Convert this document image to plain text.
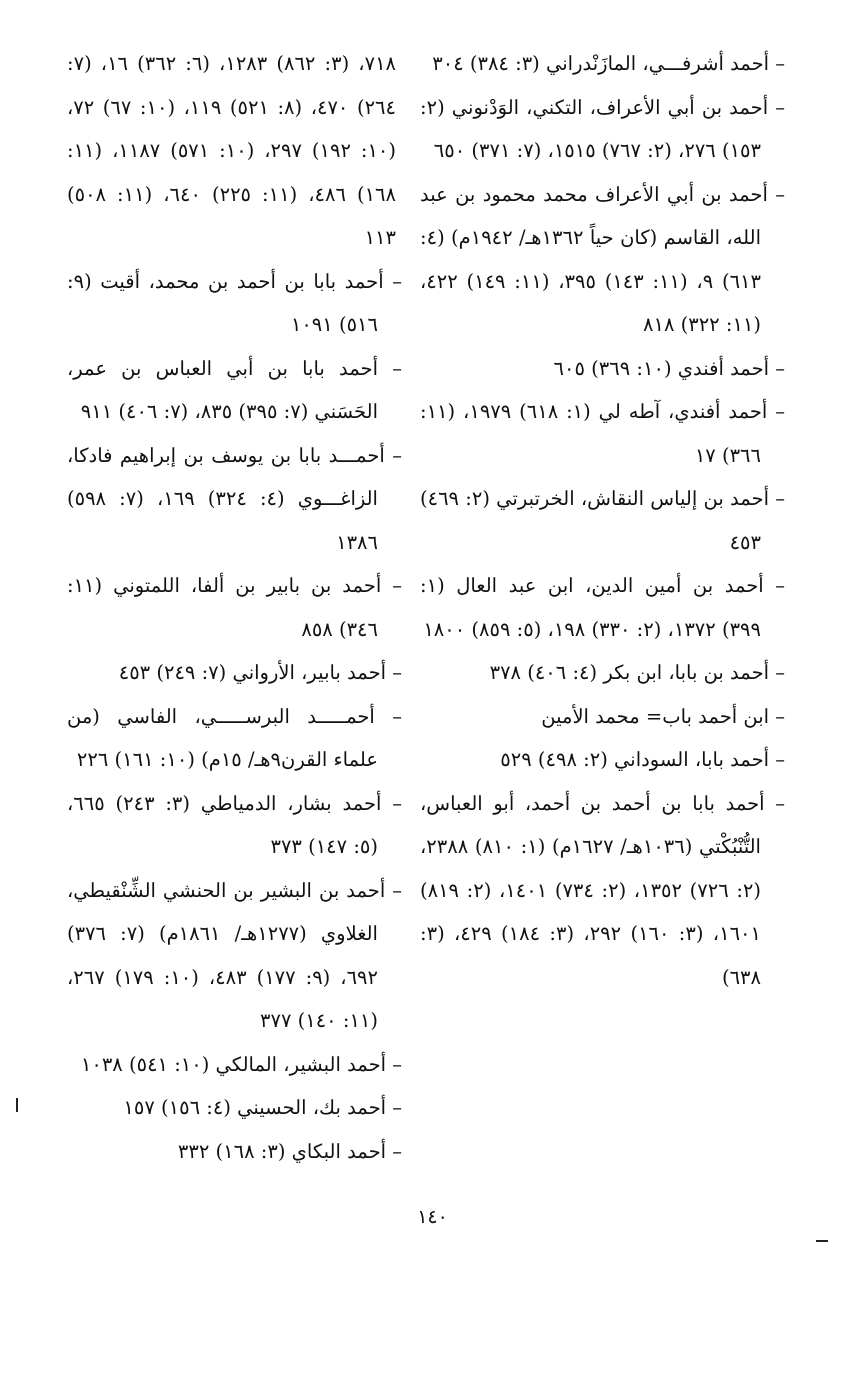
– أحمد أشرفـــي، المازَنْدراني (٣: ٣٨٤) ٣٠٤

– أحمد بن أبي الأعراف، التكني، الوَدْنوني (٢: ١٥٣) ٢٧٦، (٢: ٧٦٧) ١٥١٥، (٧: ٣٧١) ٦٥٠

– أحمد بن أبي الأعراف محمد محمود بن عبد الله، القاسم (كان حياً ١٣٦٢هـ/ ١٩٤٢م) (٤: ٦١٣) ٩، (١١: ١٤٣) ٣٩٥، (١١: ١٤٩) ٤٢٢، (١١: ٣٢٢) ٨١٨

– أحمد أفندي (١٠: ٣٦٩) ٦٠٥

– أحمد أفندي، آطه لي (١: ٦١٨) ١٩٧٩، (١١: ٣٦٦) ١٧

– أحمد بن إلياس النقاش، الخرتبرتي (٢: ٤٦٩) ٤٥٣

– أحمد بن أمين الدين، ابن عبد العال (١: ٣٩٩) ١٣٧٢، (٢: ٣٣٠) ١٩٨، (٥: ٨٥٩) ١٨٠٠

– أحمد بن بابا، ابن بكر (٤: ٤٠٦) ٣٧٨

– ابن أحمد باب= محمد الأمين

– أحمد بابا، السوداني (٢: ٤٩٨) ٥٢٩

– أحمد بابا بن أحمد بن أحمد، أبو العباس، التُّنْبُكْتي (١٠٣٦هـ/ ١٦٢٧م) (١: ٨١٠) ٢٣٨٨، (٢: ٧٢٦) ١٣٥٢، (٢: ٧٣٤) ١٤٠١، (٢: ٨١٩) ١٦٠١، (٣: ١٦٠) ٢٩٢، (٣: ١٨٤) ٤٢٩، (٣: ٦٣٨)

٧١٨، (٣: ٨٦٢) ١٢٨٣، (٦: ٣٦٢) ١٦، (٧: ٢٦٤) ٤٧٠، (٨: ٥٢١) ١١٩، (١٠: ٦٧) ٧٢، (١٠: ١٩٢) ٢٩٧، (١٠: ٥٧١) ١١٨٧، (١١: ١٦٨) ٤٨٦، (١١: ٢٢٥) ٦٤٠، (١١: ٥٠٨) ١١٣

– أحمد بابا بن أحمد بن محمد، أقيت (٩: ٥١٦) ١٠٩١

– أحمد بابا بن أبي العباس بن عمر، الحَسَني (٧: ٣٩٥) ٨٣٥، (٧: ٤٠٦) ٩١١

– أحمـــد بابا بن يوسف بن إبراهيم فادكا، الزاغـــوي (٤: ٣٢٤) ١٦٩، (٧: ٥٩٨) ١٣٨٦

– أحمد بن بابير بن ألفا، اللمتوني (١١: ٣٤٦) ٨٥٨

– أحمد بابير، الأرواني (٧: ٢٤٩) ٤٥٣

– أحمـــــد البرســـــي، الفاسي (من علماء القرن٩هـ/ ١٥م) (١٠: ١٦١) ٢٢٦

– أحمد بشار، الدمياطي (٣: ٢٤٣) ٦٦٥، (٥: ١٤٧) ٣٧٣

– أحمد بن البشير بن الحنشي الشِّنْقيطي، الغلاوي (١٢٧٧هـ/ ١٨٦١م) (٧: ٣٧٦) ٦٩٢، (٩: ١٧٧) ٤٨٣، (١٠: ١٧٩) ٢٦٧، (١١: ١٤٠) ٣٧٧

– أحمد البشير، المالكي (١٠: ٥٤١) ١٠٣٨

– أحمد بك، الحسيني (٤: ١٥٦) ١٥٧

– أحمد البكاي (٣: ١٦٨) ٣٣٢

١٤٠
